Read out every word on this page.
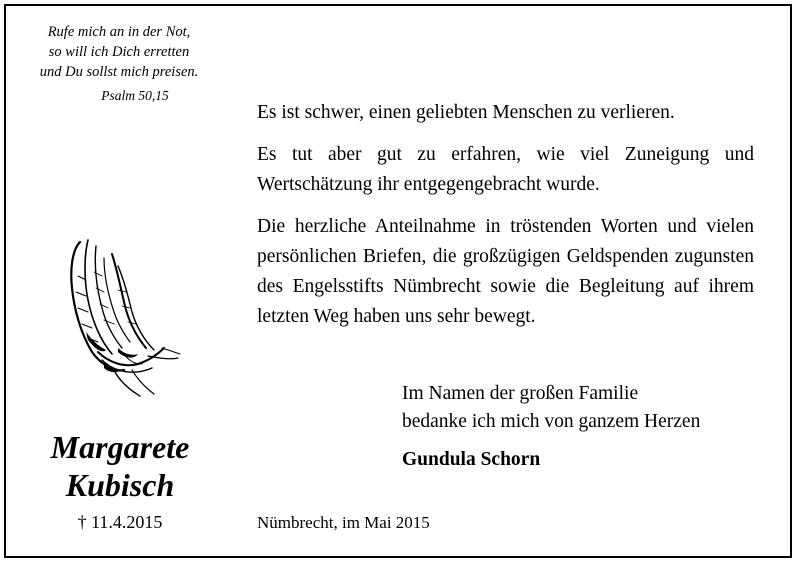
Rufe mich an in der Not,
so will ich Dich erretten
und Du sollst mich preisen.
Psalm 50,15
Margarete
Kubisch
† 11.4.2015

Es ist schwer, einen geliebten Menschen zu verlieren.

Es tut aber gut zu erfahren, wie viel Zuneigung und Wertschätzung ihr entgegengebracht wurde.

Die herzliche Anteilnahme in tröstenden Worten und vielen persönlichen Briefen, die großzügigen Geldspenden zugunsten des Engelsstifts Nümbrecht sowie die Begleitung auf ihrem letzten Weg haben uns sehr bewegt.

Im Namen der großen Familie
bedanke ich mich von ganzem Herzen
Gundula Schorn
Nümbrecht, im Mai 2015
